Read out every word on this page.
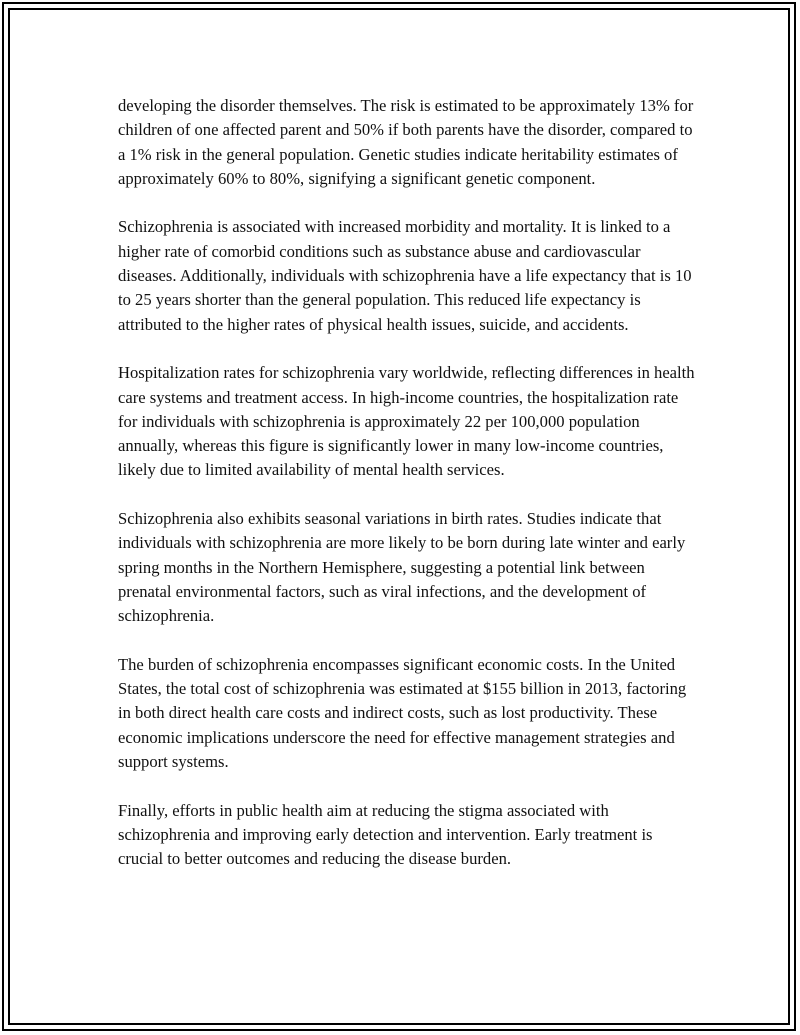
developing the disorder themselves. The risk is estimated to be approximately 13% for children of one affected parent and 50% if both parents have the disorder, compared to a 1% risk in the general population. Genetic studies indicate heritability estimates of approximately 60% to 80%, signifying a significant genetic component.

Schizophrenia is associated with increased morbidity and mortality. It is linked to a higher rate of comorbid conditions such as substance abuse and cardiovascular diseases. Additionally, individuals with schizophrenia have a life expectancy that is 10 to 25 years shorter than the general population. This reduced life expectancy is attributed to the higher rates of physical health issues, suicide, and accidents.

Hospitalization rates for schizophrenia vary worldwide, reflecting differences in health care systems and treatment access. In high-income countries, the hospitalization rate for individuals with schizophrenia is approximately 22 per 100,000 population annually, whereas this figure is significantly lower in many low-income countries, likely due to limited availability of mental health services.

Schizophrenia also exhibits seasonal variations in birth rates. Studies indicate that individuals with schizophrenia are more likely to be born during late winter and early spring months in the Northern Hemisphere, suggesting a potential link between prenatal environmental factors, such as viral infections, and the development of schizophrenia.

The burden of schizophrenia encompasses significant economic costs. In the United States, the total cost of schizophrenia was estimated at $155 billion in 2013, factoring in both direct health care costs and indirect costs, such as lost productivity. These economic implications underscore the need for effective management strategies and support systems.

Finally, efforts in public health aim at reducing the stigma associated with schizophrenia and improving early detection and intervention. Early treatment is crucial to better outcomes and reducing the disease burden.
